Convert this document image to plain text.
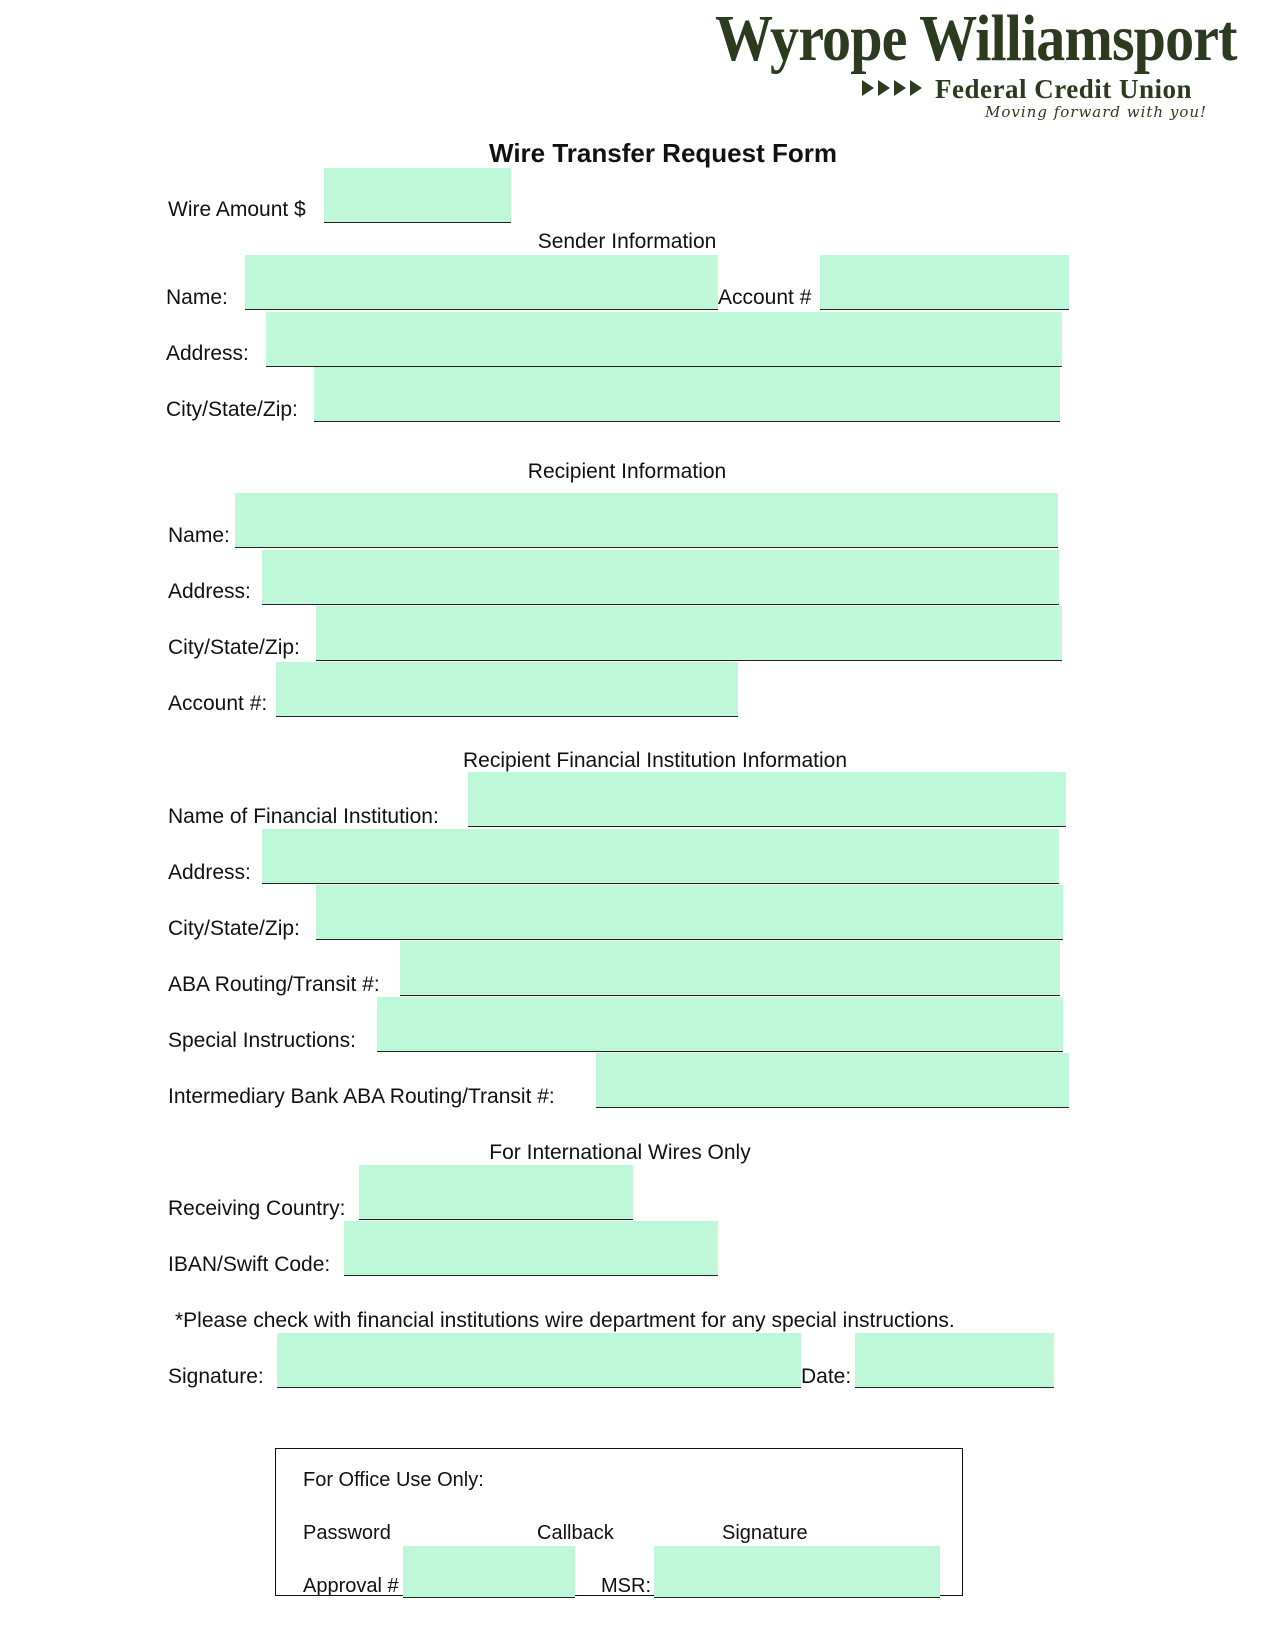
Wyrope Williamsport
Federal Credit Union
Moving forward with you!
Wire Transfer Request Form
Wire Amount $
Sender Information
Name:	Account #
Address:
City/State/Zip:
Recipient Information
Name:
Address:
City/State/Zip:
Account #:
Recipient Financial Institution Information
Name of Financial Institution:
Address:
City/State/Zip:
ABA Routing/Transit #:
Special Instructions:
Intermediary Bank ABA Routing/Transit #:
For International Wires Only
Receiving Country:
IBAN/Swift Code:
*Please check with financial institutions wire department for any special instructions.
Signature:	Date:
For Office Use Only:
Password	Callback	Signature
Approval #	MSR:
